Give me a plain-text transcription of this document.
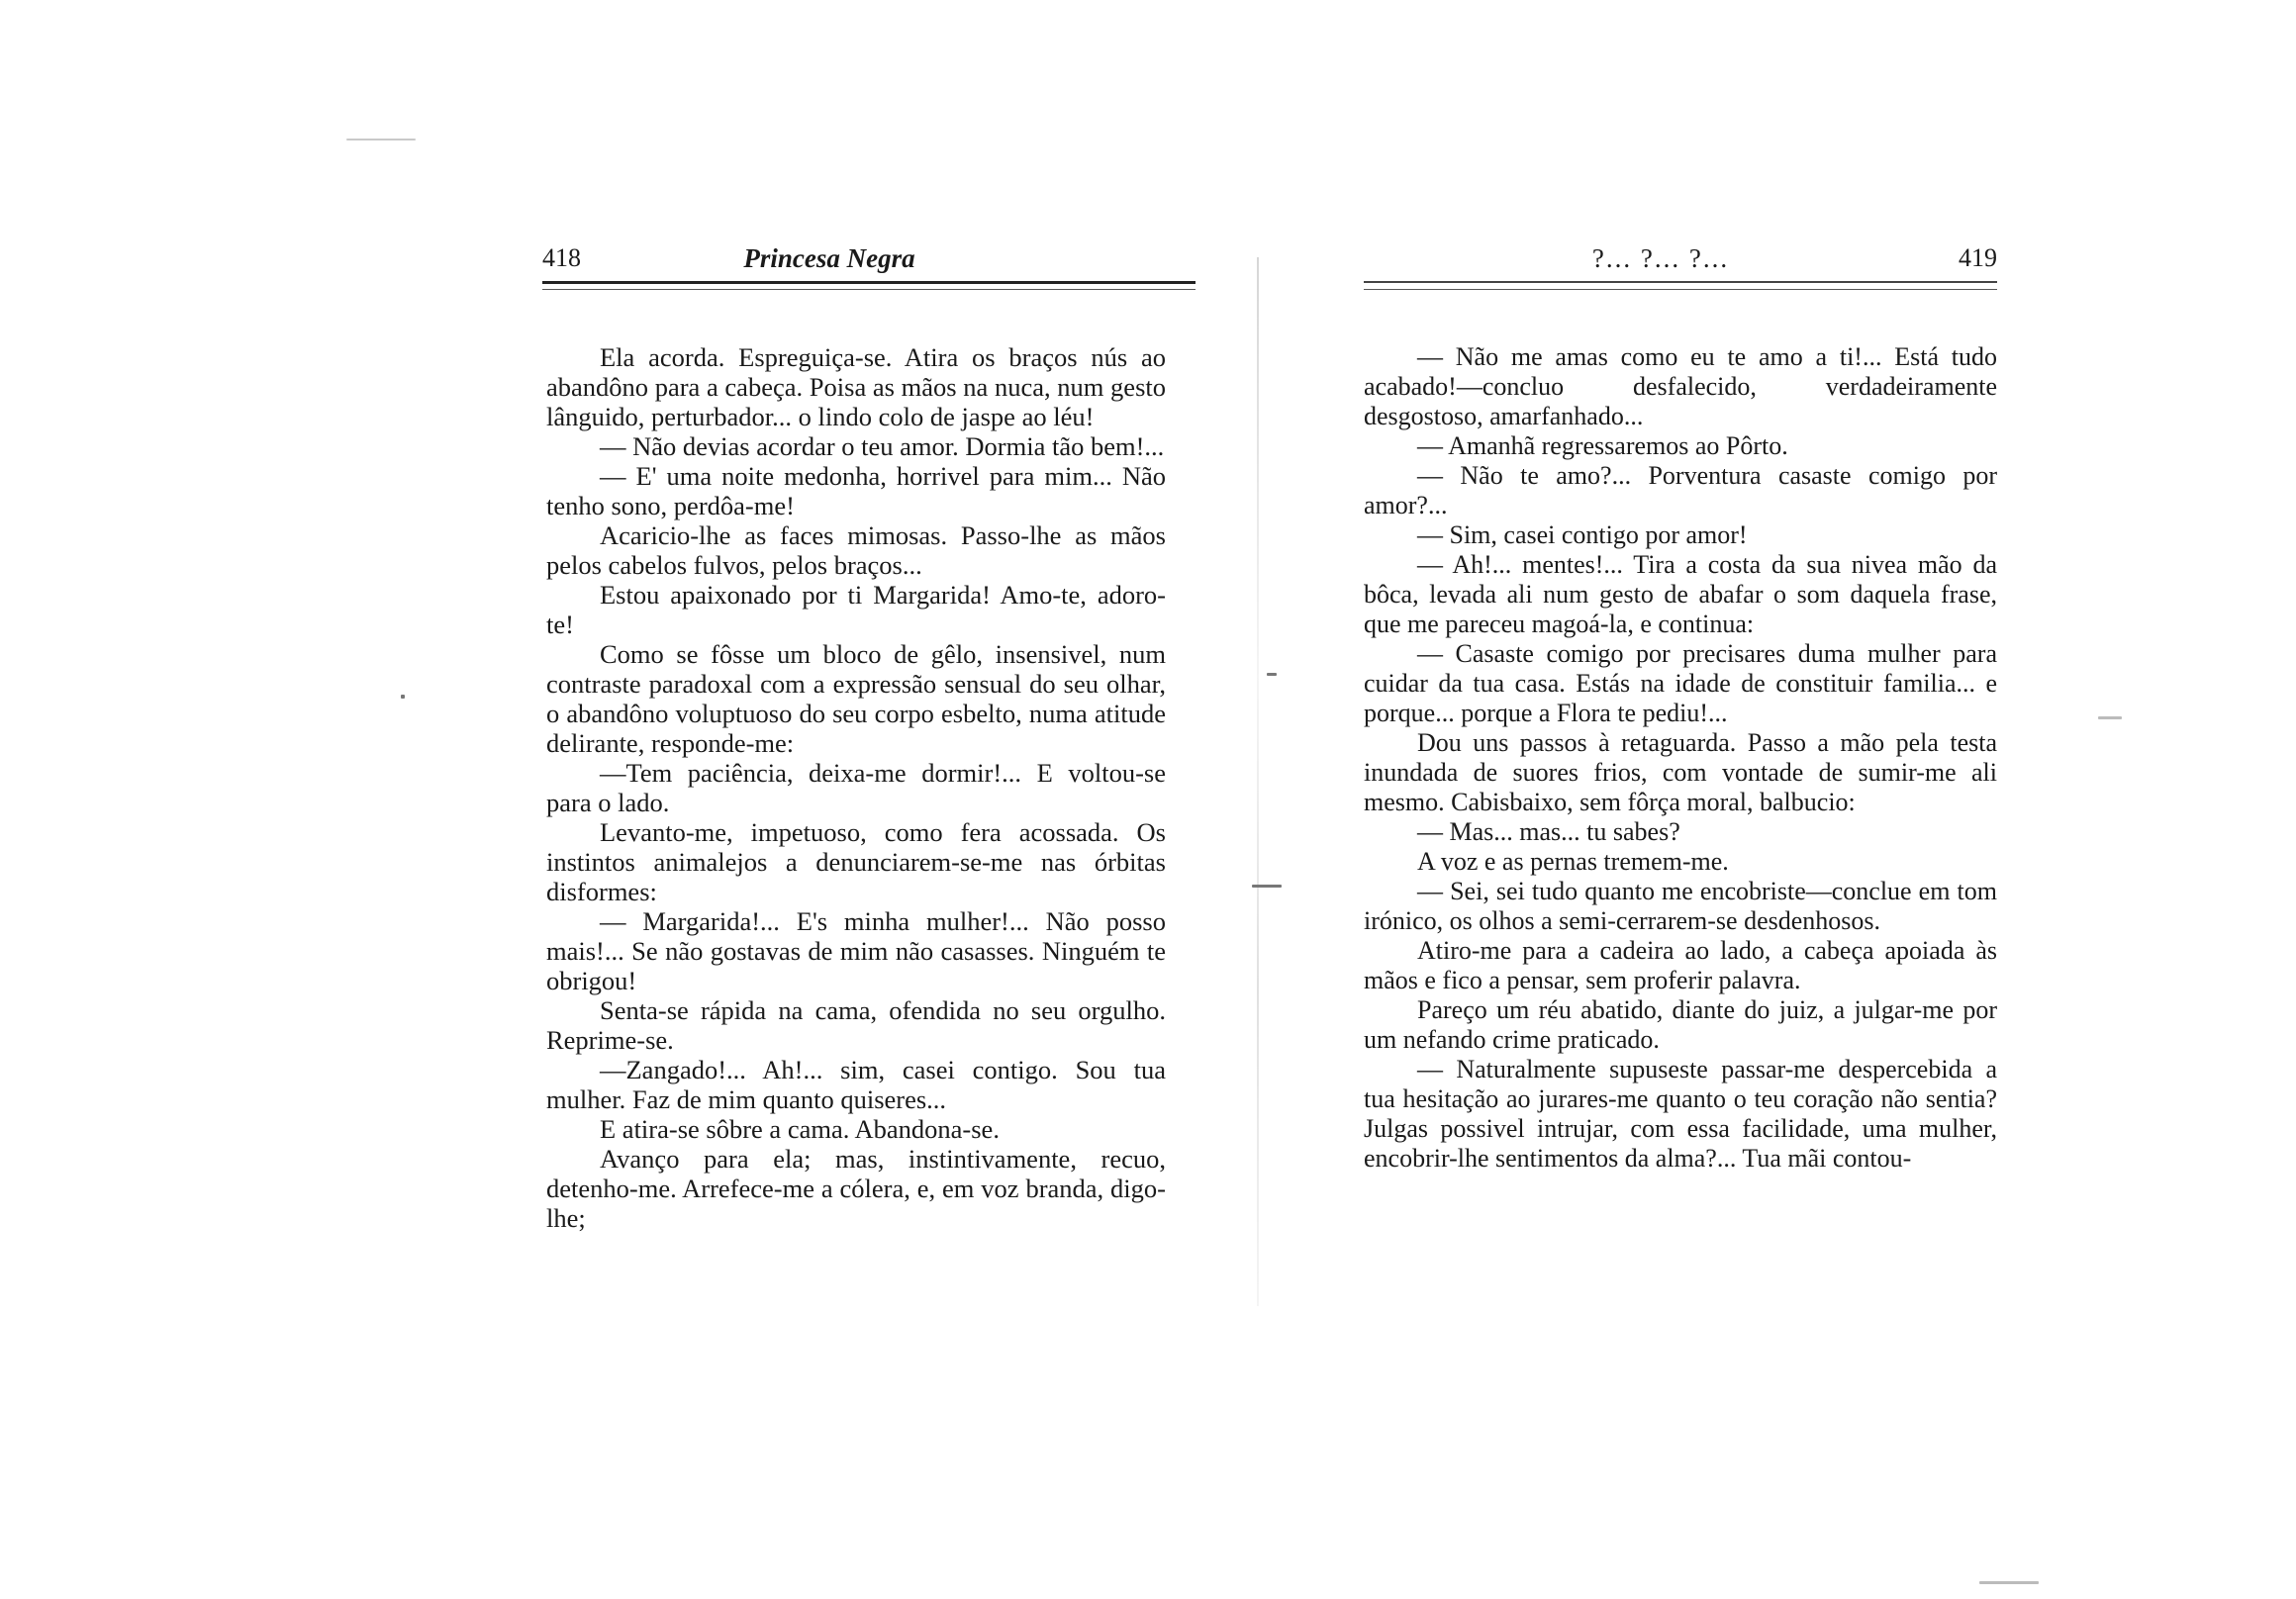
418	Princesa Negra

Ela acorda. Espreguiça-se. Atira os braços nús ao abandôno para a cabeça. Poisa as mãos na nuca, num gesto lânguido, perturbador... o lindo colo de jaspe ao léu!

— Não devias acordar o teu amor. Dormia tão bem!...

— E' uma noite medonha, horrivel para mim... Não tenho sono, perdôa-me!

Acaricio-lhe as faces mimosas. Passo-lhe as mãos pelos cabelos fulvos, pelos braços...

Estou apaixonado por ti Margarida! Amo-te, adoro-te!

Como se fôsse um bloco de gêlo, insensivel, num contraste paradoxal com a expressão sensual do seu olhar, o abandôno voluptuoso do seu corpo esbelto, numa atitude delirante, responde-me:

—Tem paciência, deixa-me dormir!... E voltou-se para o lado.

Levanto-me, impetuoso, como fera acossada. Os instintos animalejos a denunciarem-se-me nas órbitas disformes:

— Margarida!... E's minha mulher!... Não posso mais!... Se não gostavas de mim não casasses. Ninguém te obrigou!

Senta-se rápida na cama, ofendida no seu orgulho. Reprime-se.

—Zangado!... Ah!... sim, casei contigo. Sou tua mulher. Faz de mim quanto quiseres...

E atira-se sôbre a cama. Abandona-se.

Avanço para ela; mas, instintivamente, recuo, detenho-me. Arrefece-me a cólera, e, em voz branda, digo-lhe;

?... ?... ?...	419

— Não me amas como eu te amo a ti!... Está tudo acabado!—concluo desfalecido, verdadeiramente desgostoso, amarfanhado...

— Amanhã regressaremos ao Pôrto.

— Não te amo?... Porventura casaste comigo por amor?...

— Sim, casei contigo por amor!

— Ah!... mentes!... Tira a costa da sua nivea mão da bôca, levada ali num gesto de abafar o som daquela frase, que me pareceu magoá-la, e continua:

— Casaste comigo por precisares duma mulher para cuidar da tua casa. Estás na idade de constituir familia... e porque... porque a Flora te pediu!...

Dou uns passos à retaguarda. Passo a mão pela testa inundada de suores frios, com vontade de sumir-me ali mesmo. Cabisbaixo, sem fôrça moral, balbucio:

— Mas... mas... tu sabes?

A voz e as pernas tremem-me.

— Sei, sei tudo quanto me encobriste—conclue em tom irónico, os olhos a semi-cerrarem-se desdenhosos.

Atiro-me para a cadeira ao lado, a cabeça apoiada às mãos e fico a pensar, sem proferir palavra.

Pareço um réu abatido, diante do juiz, a julgar-me por um nefando crime praticado.

— Naturalmente supuseste passar-me despercebida a tua hesitação ao jurares-me quanto o teu coração não sentia? Julgas possivel intrujar, com essa facilidade, uma mulher, encobrir-lhe sentimentos da alma?... Tua mãi contou-
